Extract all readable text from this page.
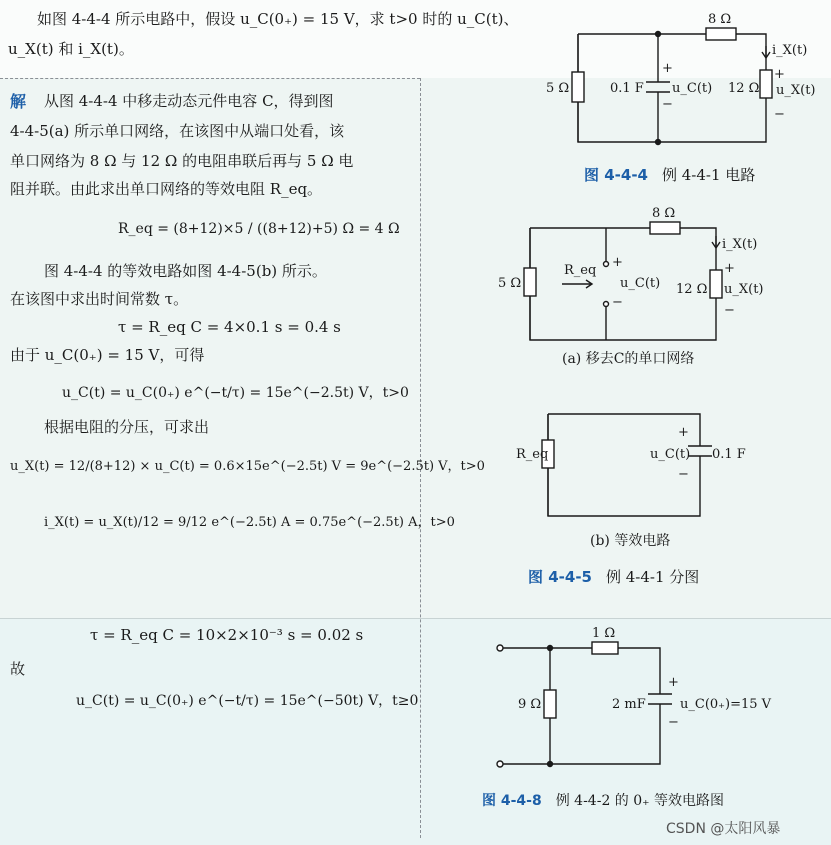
如图 4-4-4 所示电路中，假设 u_C(0₊) = 15 V，求 t>0 时的 u_C(t)、
u_X(t) 和 i_X(t)。
解 从图 4-4-4 中移走动态元件电容 C，得到图
4-4-5(a) 所示单口网络，在该图中从端口处看，该
单口网络为 8 Ω 与 12 Ω 的电阻串联后再与 5 Ω 电
阻并联。由此求出单口网络的等效电阻 R_eq。
R_eq = (8+12)×5 / ((8+12)+5) Ω = 4 Ω
图 4-4-4 的等效电路如图 4-4-5(b) 所示。
在该图中求出时间常数 τ。
τ = R_eq C = 4×0.1 s = 0.4 s
由于 u_C(0₊) = 15 V，可得
u_C(t) = u_C(0₊) e^(−t/τ) = 15e^(−2.5t) V，t>0
根据电阻的分压，可求出
u_X(t) = 12/(8+12) × u_C(t) = 0.6×15e^(−2.5t) V = 9e^(−2.5t) V，t>0
i_X(t) = u_X(t)/12 = 9/12 e^(−2.5t) A = 0.75e^(−2.5t) A，t>0
τ = R_eq C = 10×2×10⁻³ s = 0.02 s
故
u_C(t) = u_C(0₊) e^(−t/τ) = 15e^(−50t) V，t≥0
8 Ω
5 Ω	0.1 F u_C(t) 12 Ω
i_X(t)
u_X(t)
+
−
+
−
8 Ω
5 Ω
R_eq
u_C(t) 12 Ω
i_X(t)
u_X(t)
+
−
+
−
R_eq	u_C(t) 0.1 F
+
−
1 Ω
9 Ω	2 mF	u_C(0₊)=15 V
+
−
图 4-4-4 例 4-4-1 电路
(a) 移去C的单口网络
(b) 等效电路
图 4-4-5 例 4-4-1 分图
图 4-4-8 例 4-4-2 的 0₊ 等效电路图
CSDN @太阳风暴
